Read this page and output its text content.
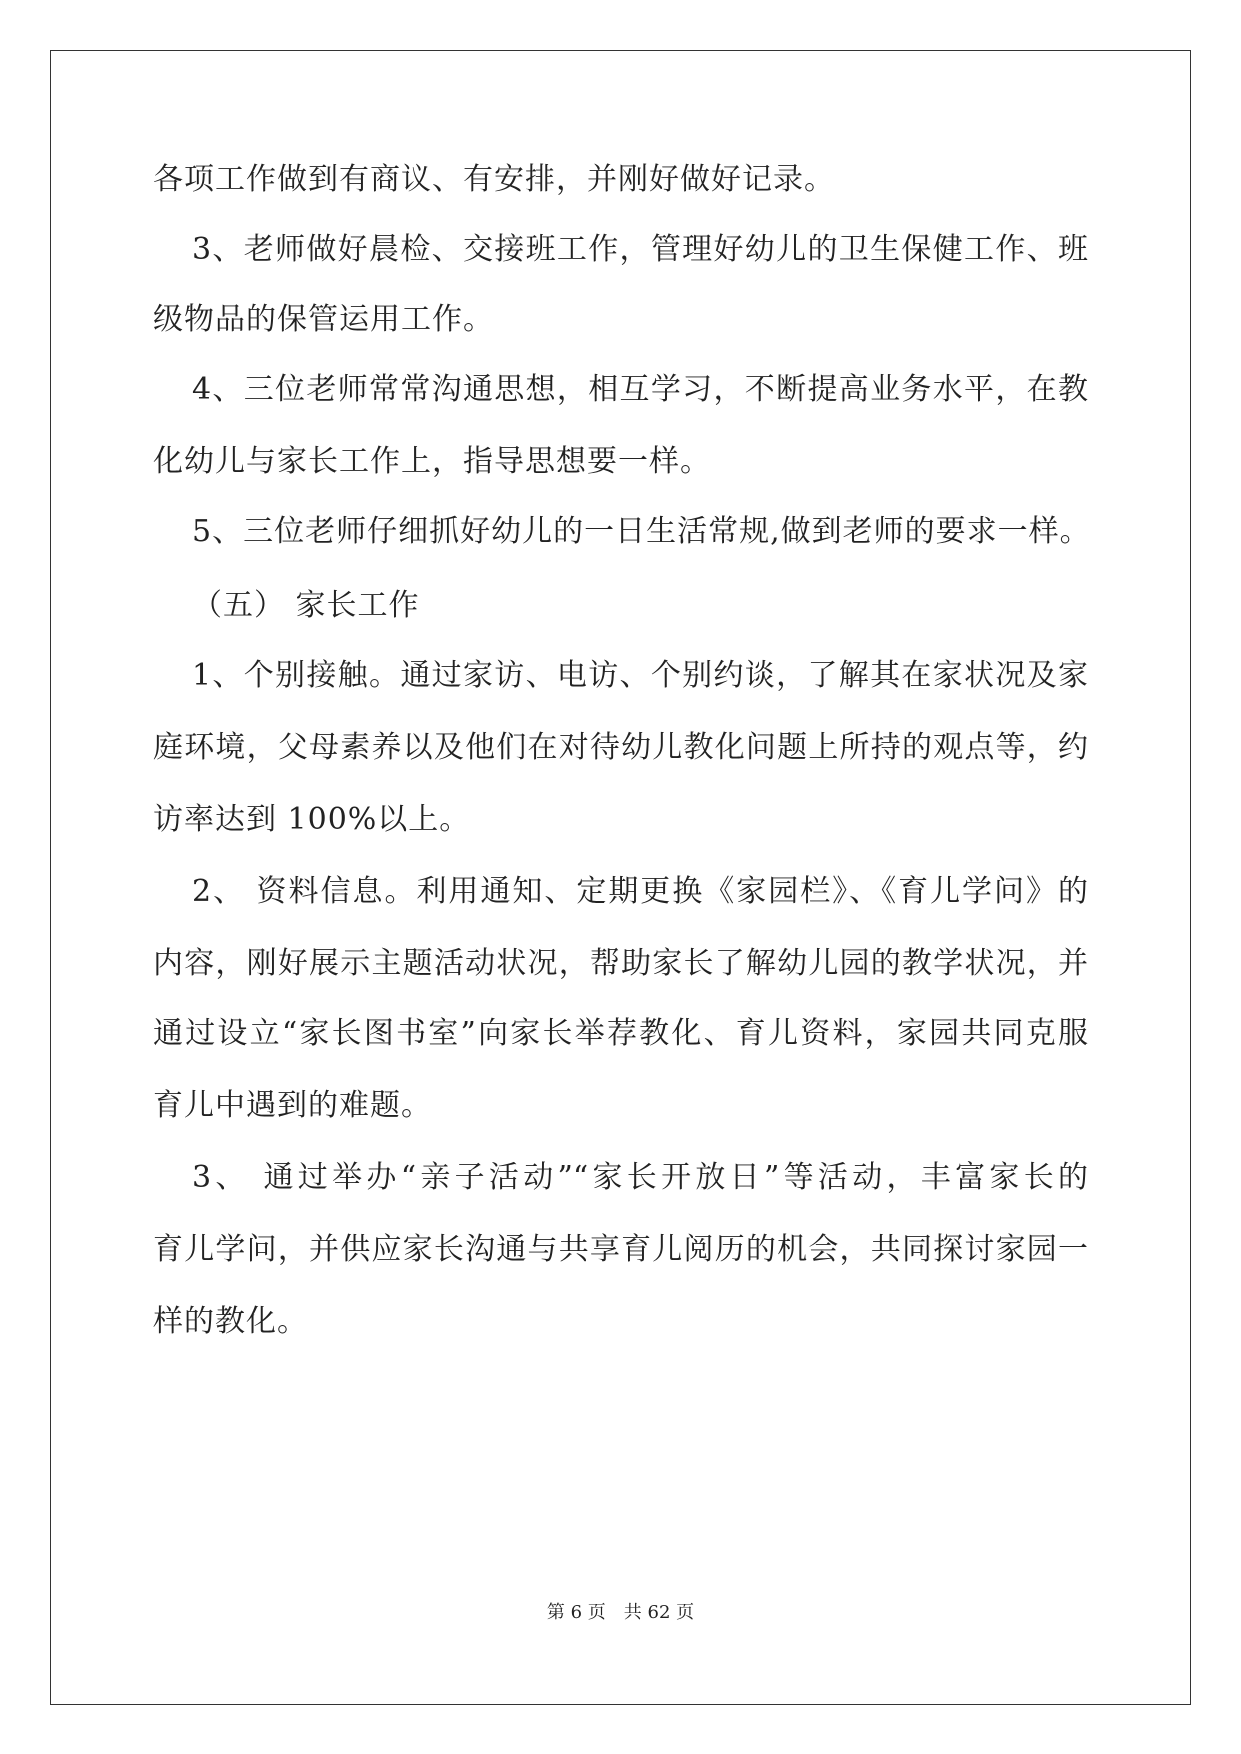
各项工作做到有商议、有安排，并刚好做好记录。
3、老师做好晨检、交接班工作，管理好幼儿的卫生保健工作、班
级物品的保管运用工作。
4、三位老师常常沟通思想，相互学习，不断提高业务水平，在教
化幼儿与家长工作上，指导思想要一样。
5、三位老师仔细抓好幼儿的一日生活常规,做到老师的要求一样。
（五） 家长工作
1、个别接触。通过家访、电访、个别约谈，了解其在家状况及家
庭环境，父母素养以及他们在对待幼儿教化问题上所持的观点等，约
访率达到 100%以上。
2、 资料信息。利用通知、定期更换《家园栏》、《育儿学问》的
内容，刚好展示主题活动状况，帮助家长了解幼儿园的教学状况，并
通过设立“家长图书室”向家长举荐教化、育儿资料，家园共同克服
育儿中遇到的难题。
3、 通过举办“亲子活动”“家长开放日”等活动，丰富家长的
育儿学问，并供应家长沟通与共享育儿阅历的机会，共同探讨家园一
样的教化。
第 6 页 共 62 页
